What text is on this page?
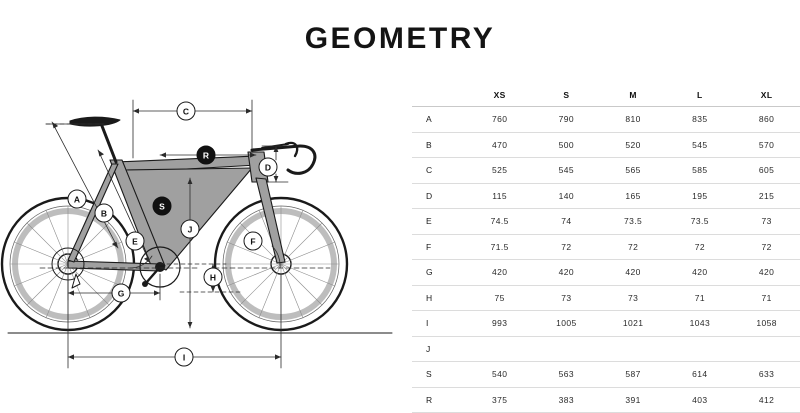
GEOMETRY
A
B
C
D
E	F
G
H
I
J
R
S
	XS	S	M	L	XL
A	760	790	810	835	860
B	470	500	520	545	570
C	525	545	565	585	605
D	115	140	165	195	215
E	74.5	74	73.5	73.5	73
F	71.5	72	72	72	72
G	420	420	420	420	420
H	75	73	73	71	71
I	993	1005	1021	1043	1058
J					
S	540	563	587	614	633
R	375	383	391	403	412
